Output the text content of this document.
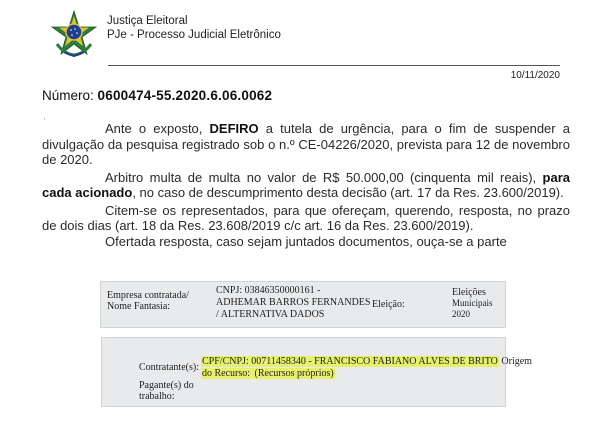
Justiça Eleitoral
PJe - Processo Judicial Eletrônico
10/11/2020
Número: 0600474-55.2020.6.06.0062
'	Ante o exposto, DEFIRO a tutela de urgência, para o fim de suspender a divulgação da pesquisa registrado sob o n.º CE-04226/2020, prevista para 12 de novembro de 2020.

Arbitro multa de multa no valor de R$ 50.000,00 (cinquenta mil reais), para cada acionado, no caso de descumprimento desta decisão (art. 17 da Res. 23.600/2019).

Citem-se os representados, para que ofereçam, querendo, resposta, no prazo de dois dias (art. 18 da Res. 23.608/2019 c/c art. 16 da Res. 23.600/2019).

Ofertada resposta, caso sejam juntados documentos, ouça-se a parte

Empresa contratada/
Nome Fantasia:
CNPJ: 03846350000161 -
ADHEMAR BARROS FERNANDES
/ ALTERNATIVA DADOS
Eleição:
Eleições
Municipais
2020
Contratante(s):
CPF/CNPJ: 00711458340 - FRANCISCO FABIANO ALVES DE BRITO Origem
do Recurso: (Recursos próprios)
Pagante(s) do
trabalho:
